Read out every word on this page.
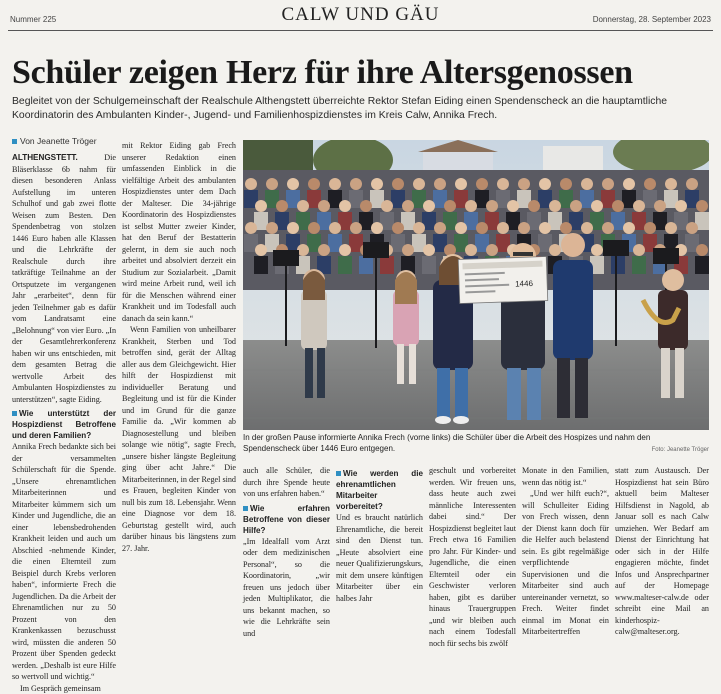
Nummer 225	CALW UND GÄU	Donnerstag, 28. September 2023
Schüler zeigen Herz für ihre Altersgenossen
Begleitet von der Schulgemeinschaft der Realschule Althengstett überreichte Rektor Stefan Eiding einen Spendenscheck an die hauptamtliche Koordinatorin des Ambulanten Kinder-, Jugend- und Familienhospizdienstes im Kreis Calw, Annika Frech.
Von Jeanette Tröger

ALTHENGSTETT.	Die Bläserklasse 6b nahm für diesen besonderen Anlass Aufstellung im unteren Schulhof und gab zwei flotte Weisen zum Besten. Den Spendenbetrag von stolzen 1446 Euro haben alle Klassen und die Lehrkräfte der Realschule durch ihre tatkräftige Teilnahme an der Ortsputzete im vergangenen Jahr „erarbeitet“, denn für jeden Teilnehmer gab es dafür vom Landratsamt eine „Belohnung“ von vier Euro. „In der Gesamtlehrerkonferenz haben wir uns entschieden, mit dem gesamten Betrag die wertvolle Arbeit des Ambulanten Hospizdienstes zu unterstützen“, sagte Eiding.

Wie unterstützt der Hospizdienst Betroffene und deren Familien?

Annika Frech bedankte sich bei der versammelten Schülerschaft für die Spende. „Unsere ehrenamtlichen Mitarbeiterinnen und Mitarbeiter kümmern sich um Kinder und Jugendliche, die an einer lebensbedrohenden Krankheit leiden und auch um Abschied -nehmende Kinder, die einen Elternteil zum Beispiel durch Krebs verloren haben“, informierte Frech die Jugendlichen. Da die Arbeit der Ehrenamtlichen nur zu 50 Prozent von den Krankenkassen bezuschusst wird, müssten die anderen 50 Prozent über Spenden gedeckt werden. „Deshalb ist eure Hilfe so wertvoll und wichtig.“

Im Gespräch gemeinsam

mit Rektor Eiding gab Frech unserer Redaktion einen umfassenden Einblick in die vielfältige Arbeit des ambulanten Hospizdienstes unter dem Dach der Malteser. Die 34-jährige Koordinatorin des Hospizdienstes ist selbst Mutter zweier Kinder, hat den Beruf der Bestatterin gelernt, in dem sie auch noch arbeitet und absolviert derzeit ein Studium zur Sozialarbeit. „Damit wird meine Arbeit rund, weil ich für die Menschen während einer Krankheit und im Todesfall auch danach da sein kann.“

Wenn Familien von unheilbarer Krankheit, Sterben und Tod betroffen sind, gerät der Alltag aller aus dem Gleichgewicht. Hier hilft der Hospizdienst mit individueller Beratung und Begleitung und ist für die Kinder und im Grund für die ganze Familie da. „Wir kommen ab Diagnosestellung und bleiben solange wie nötig“, sagte Frech, „unsere bisher längste Begleitung ging über acht Jahre.“ Die Mitarbeiterinnen, in der Regel sind es Frauen, begleiten Kinder von null bis zum 18. Lebensjahr. Wenn eine Diagnose vor dem 18. Geburtstag gestellt wird, auch darüber hinaus bis längstens zum 27. Jahr.

1446
In der großen Pause informierte Annika Frech (vorne links) die Schüler über die Arbeit des Hospizes und nahm den Spendenscheck über 1446 Euro entgegen.	Foto: Jeanette Tröger

auch alle Schüler, die durch ihre Spende heute von uns erfahren haben.“

Wie erfahren Betroffene von dieser Hilfe?

„Im Idealfall vom Arzt oder dem medizinischen Personal“, so die Koordinatorin, „wir freuen uns jedoch über jeden Multiplikator, die uns bekannt machen, so wie die Lehrkräfte sein und

Wie werden die ehrenamtlichen Mitarbeiter vorbereitet?

Und es braucht natürlich Ehrenamtliche, die bereit sind den Dienst tun. „Heute absolviert eine neuer Qualifizierungskurs, mit dem unsere künftigen Mitarbeiter über ein halbes Jahr

geschult und vorbereitet werden. Wir freuen uns, dass heute auch zwei männliche Interessenten dabei sind.“ Der Hospizdienst begleitet laut Frech etwa 16 Familien pro Jahr. Für Kinder- und Jugendliche, die einen Elternteil oder ein Geschwister verloren haben, gibt es darüber hinaus Trauergruppen „und wir bleiben auch nach einem Todesfall noch für sechs bis zwölf

Monate in den Familien, wenn das nötig ist.“

„Und wer hilft euch?“, will Schulleiter Eiding von Frech wissen, denn der Dienst kann doch für die Helfer auch belastend sein. Es gibt regelmäßige verpflichtende Supervisionen und die Mitarbeiter sind auch untereinander vernetzt, so Frech. Weiter findet einmal im Monat ein Mitarbeitertreffen

statt zum Austausch. Der Hospizdienst hat sein Büro aktuell beim Malteser Hilfsdienst in Nagold, ab Januar soll es nach Calw umziehen. Wer Bedarf am Dienst der Einrichtung hat oder sich in der Hilfe engagieren möchte, findet Infos und Ansprechpartner auf der Homepage www.malteser-calw.de oder schreibt eine Mail an kinderhospiz-calw@malteser.org.
